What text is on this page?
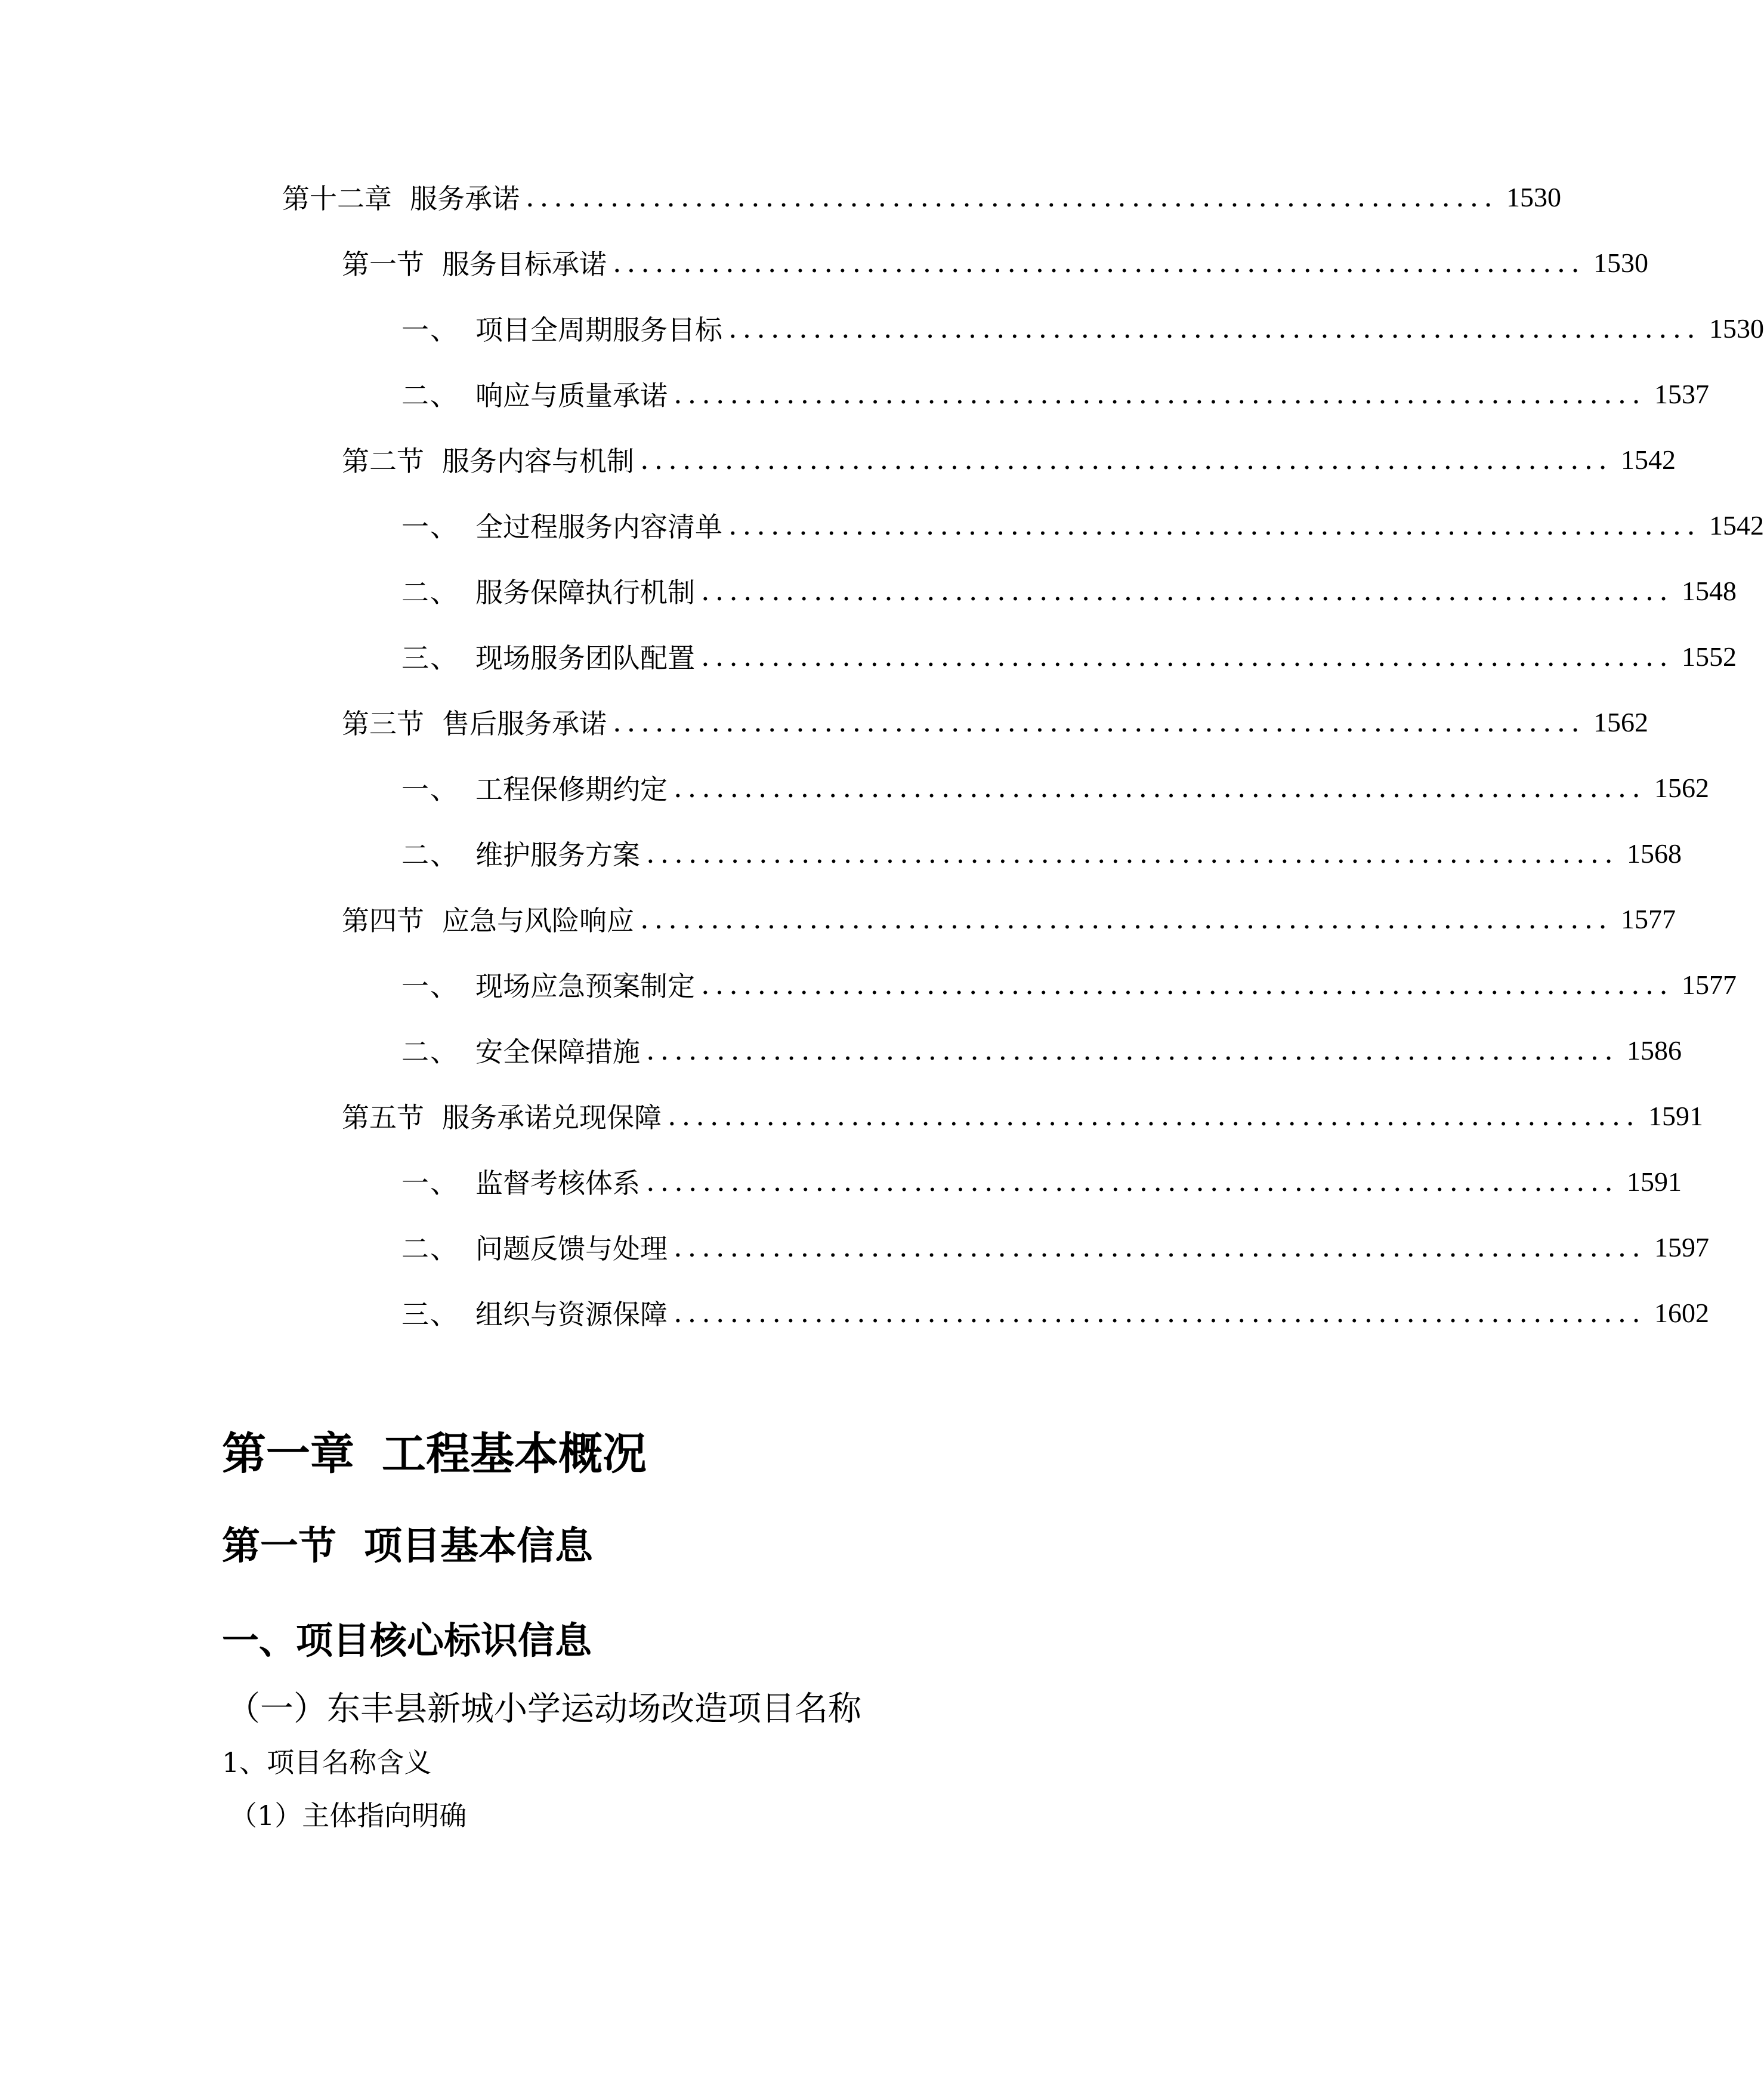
第十二章 服务承诺 ..................................................................... 1530
第一节 服务目标承诺 ..................................................................... 1530
一、 项目全周期服务目标 ..................................................................... 1530
二、 响应与质量承诺 ..................................................................... 1537
第二节 服务内容与机制 ..................................................................... 1542
一、 全过程服务内容清单 ..................................................................... 1542
二、 服务保障执行机制 ..................................................................... 1548
三、 现场服务团队配置 ..................................................................... 1552
第三节 售后服务承诺 ..................................................................... 1562
一、 工程保修期约定 ..................................................................... 1562
二、 维护服务方案 ..................................................................... 1568
第四节 应急与风险响应 ..................................................................... 1577
一、 现场应急预案制定 ..................................................................... 1577
二、 安全保障措施 ..................................................................... 1586
第五节 服务承诺兑现保障 ..................................................................... 1591
一、 监督考核体系 ..................................................................... 1591
二、 问题反馈与处理 ..................................................................... 1597
三、 组织与资源保障 ..................................................................... 1602
第一章 工程基本概况
第一节 项目基本信息
一、项目核心标识信息
（一）东丰县新城小学运动场改造项目名称
1、项目名称含义
（1）主体指向明确
